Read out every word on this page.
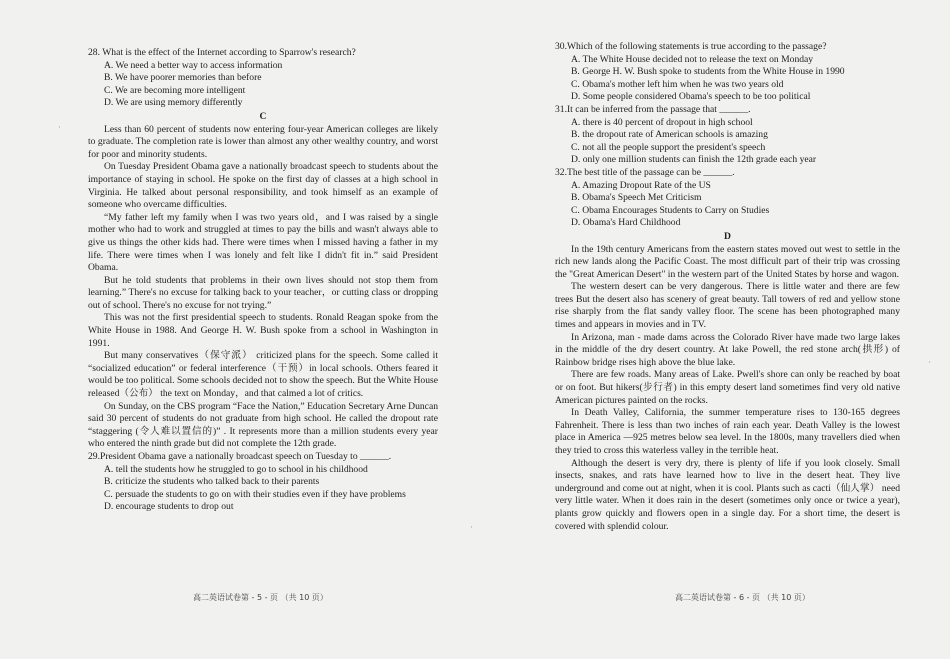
28. What is the effect of the Internet according to Sparrow's research?

A. We need a better way to access information

B. We have poorer memories than before

C. We are becoming more intelligent

D. We are using memory differently

C

Less than 60 percent of students now entering four-year American colleges are likely to graduate. The completion rate is lower than almost any other wealthy country, and worst for poor and minority students.

On Tuesday President Obama gave a nationally broadcast speech to students about the importance of staying in school. He spoke on the first day of classes at a high school in Virginia. He talked about personal responsibility, and took himself as an example of someone who overcame difficulties.

“My father left my family when I was two years old，and I was raised by a single mother who had to work and struggled at times to pay the bills and wasn't always able to give us things the other kids had. There were times when I missed having a father in my life. There were times when I was lonely and felt like I didn't fit in.” said President Obama.

But he told students that problems in their own lives should not stop them from learning.” There's no excuse for talking back to your teacher，or cutting class or dropping out of school. There's no excuse for not trying.”

This was not the first presidential speech to students. Ronald Reagan spoke from the White House in 1988. And George H. W. Bush spoke from a school in Washington in 1991.

But many conservatives（保守派） criticized plans for the speech. Some called it “socialized education” or federal interference（干预）in local schools. Others feared it would be too political. Some schools decided not to show the speech. But the White House released（公布） the text on Monday，and that calmed a lot of critics.

On Sunday, on the CBS program “Face the Nation,” Education Secretary Arne Duncan said 30 percent of students do not graduate from high school. He called the dropout rate “staggering (令人难以置信的)” . It represents more than a million students every year who entered the ninth grade but did not complete the 12th grade.

29.President Obama gave a nationally broadcast speech on Tuesday to ______.

A. tell the students how he struggled to go to school in his childhood

B. criticize the students who talked back to their parents

C. persuade the students to go on with their studies even if they have problems

D. encourage students to drop out

高二英语试卷第 - 5 - 页 （共 10 页）

30.Which of the following statements is true according to the passage?

A. The White House decided not to release the text on Monday

B. George H. W. Bush spoke to students from the White House in 1990

C. Obama's mother left him when he was two years old

D. Some people considered Obama's speech to be too political

31.It can be inferred from the passage that ______.

A. there is 40 percent of dropout in high school

B. the dropout rate of American schools is amazing

C. not all the people support the president's speech

D. only one million students can finish the 12th grade each year

32.The best title of the passage can be ______.

A. Amazing Dropout Rate of the US

B. Obama's Speech Met Criticism

C. Obama Encourages Students to Carry on Studies

D. Obama's Hard Childhood

D

In the 19th century Americans from the eastern states moved out west to settle in the rich new lands along the Pacific Coast. The most difficult part of their trip was crossing the "Great American Desert" in the western part of the United States by horse and wagon.

The western desert can be very dangerous. There is little water and there are few trees But the desert also has scenery of great beauty. Tall towers of red and yellow stone rise sharply from the flat sandy valley floor. The scene has been photographed many times and appears in movies and in TV.

In Arizona, man - made dams across the Colorado River have made two large lakes in the middle of the dry desert country. At lake Powell, the red stone arch(拱形) of Rainbow bridge rises high above the blue lake.

There are few roads. Many areas of Lake. Pwell's shore can only be reached by boat or on foot. But hikers(步行者) in this empty desert land sometimes find very old native American pictures painted on the rocks.

In Death Valley, California, the summer temperature rises to 130-165 degrees Fahrenheit. There is less than two inches of rain each year. Death Valley is the lowest place in America —925 metres below sea level. In the 1800s, many travellers died when they tried to cross this waterless valley in the terrible heat.

Although the desert is very dry, there is plenty of life if you look closely. Small insects, snakes, and rats have learned how to live in the desert heat. They live underground and come out at night, when it is cool. Plants such as cacti（仙人掌） need very little water. When it does rain in the desert (sometimes only once or twice a year), plants grow quickly and flowers open in a single day. For a short time, the desert is covered with splendid colour.

高二英语试卷第 - 6 - 页 （共 10 页）
·
·
·
